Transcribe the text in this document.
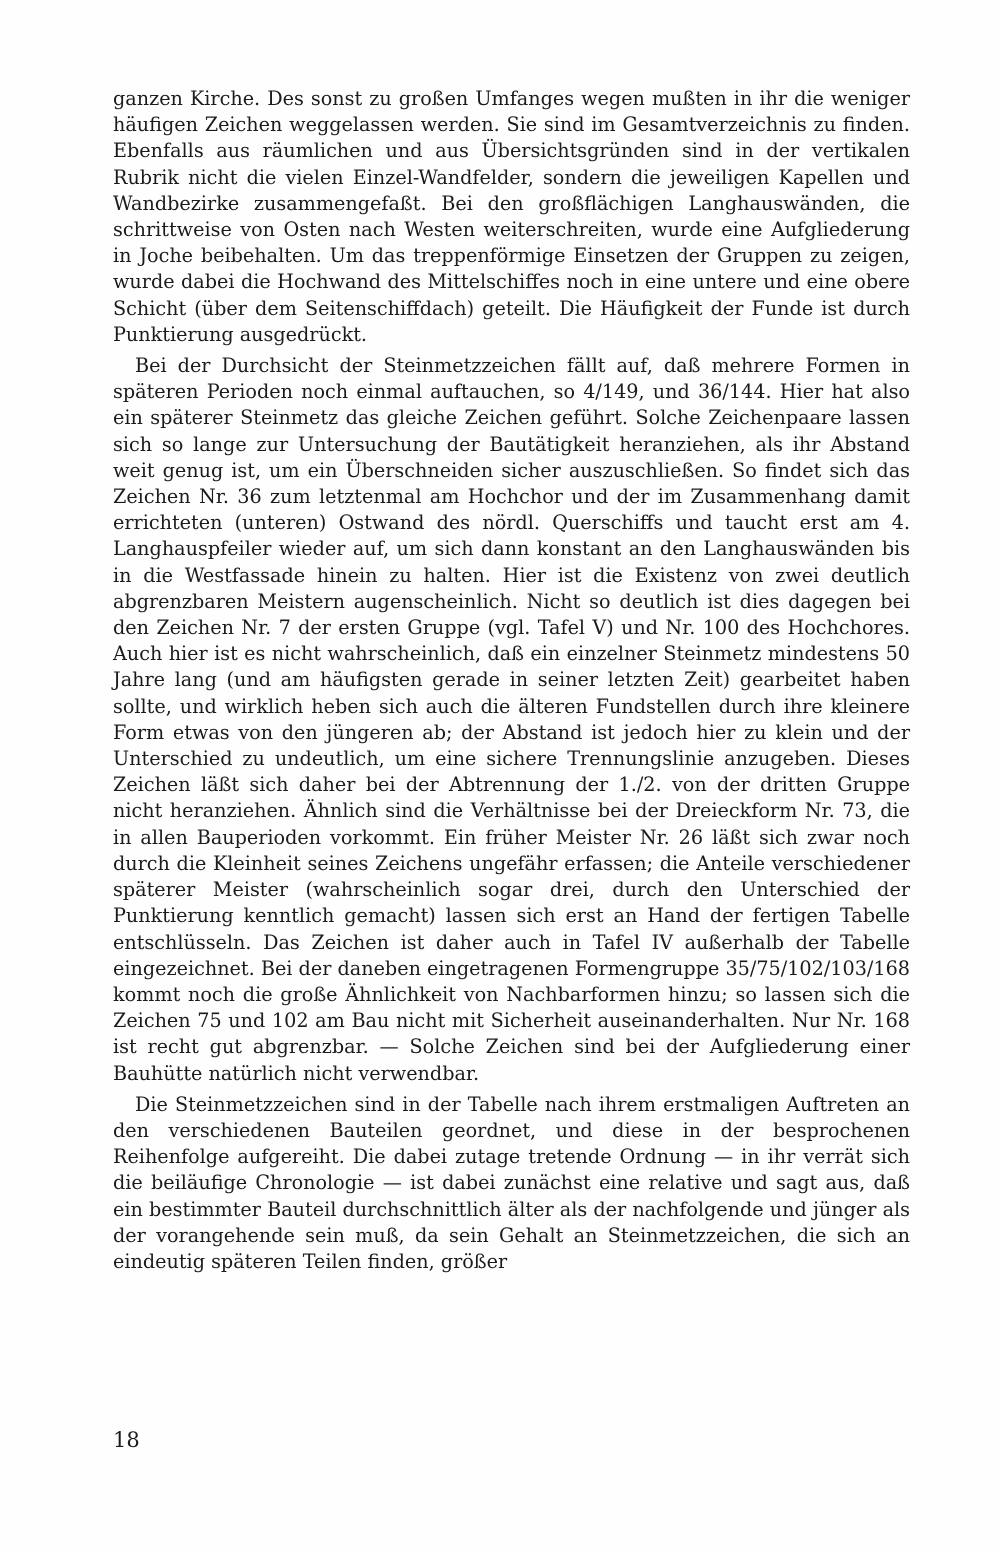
ganzen Kirche. Des sonst zu großen Umfanges wegen mußten in ihr die weniger häufigen Zeichen weggelassen werden. Sie sind im Gesamtverzeichnis zu finden. Ebenfalls aus räumlichen und aus Übersichtsgründen sind in der vertikalen Rubrik nicht die vielen Einzel-Wandfelder, sondern die jeweiligen Kapellen und Wandbezirke zusammengefaßt. Bei den großflächigen Langhauswänden, die schrittweise von Osten nach Westen weiterschreiten, wurde eine Aufgliederung in Joche beibehalten. Um das treppenförmige Einsetzen der Gruppen zu zeigen, wurde dabei die Hochwand des Mittelschiffes noch in eine untere und eine obere Schicht (über dem Seitenschiffdach) geteilt. Die Häufigkeit der Funde ist durch Punktierung ausgedrückt.

Bei der Durchsicht der Steinmetzzeichen fällt auf, daß mehrere Formen in späteren Perioden noch einmal auftauchen, so 4/149, und 36/144. Hier hat also ein späterer Steinmetz das gleiche Zeichen geführt. Solche Zeichenpaare lassen sich so lange zur Untersuchung der Bautätigkeit heranziehen, als ihr Abstand weit genug ist, um ein Überschneiden sicher auszuschließen. So findet sich das Zeichen Nr. 36 zum letztenmal am Hochchor und der im Zusammenhang damit errichteten (unteren) Ostwand des nördl. Querschiffs und taucht erst am 4. Langhauspfeiler wieder auf, um sich dann konstant an den Langhauswänden bis in die Westfassade hinein zu halten. Hier ist die Existenz von zwei deutlich abgrenzbaren Meistern augenscheinlich. Nicht so deutlich ist dies dagegen bei den Zeichen Nr. 7 der ersten Gruppe (vgl. Tafel V) und Nr. 100 des Hochchores. Auch hier ist es nicht wahrscheinlich, daß ein einzelner Steinmetz mindestens 50 Jahre lang (und am häufigsten gerade in seiner letzten Zeit) gearbeitet haben sollte, und wirklich heben sich auch die älteren Fundstellen durch ihre kleinere Form etwas von den jüngeren ab; der Abstand ist jedoch hier zu klein und der Unterschied zu undeutlich, um eine sichere Trennungslinie anzugeben. Dieses Zeichen läßt sich daher bei der Abtrennung der 1./2. von der dritten Gruppe nicht heranziehen. Ähnlich sind die Verhältnisse bei der Dreieckform Nr. 73, die in allen Bauperioden vorkommt. Ein früher Meister Nr. 26 läßt sich zwar noch durch die Kleinheit seines Zeichens ungefähr erfassen; die Anteile verschiedener späterer Meister (wahrscheinlich sogar drei, durch den Unterschied der Punktierung kenntlich gemacht) lassen sich erst an Hand der fertigen Tabelle entschlüsseln. Das Zeichen ist daher auch in Tafel IV außerhalb der Tabelle eingezeichnet. Bei der daneben eingetragenen Formengruppe 35/75/102/103/168 kommt noch die große Ähnlichkeit von Nachbarformen hinzu; so lassen sich die Zeichen 75 und 102 am Bau nicht mit Sicherheit auseinanderhalten. Nur Nr. 168 ist recht gut abgrenzbar. — Solche Zeichen sind bei der Aufgliederung einer Bauhütte natürlich nicht verwendbar.

Die Steinmetzzeichen sind in der Tabelle nach ihrem erstmaligen Auftreten an den verschiedenen Bauteilen geordnet, und diese in der besprochenen Reihenfolge aufgereiht. Die dabei zutage tretende Ordnung — in ihr verrät sich die beiläufige Chronologie — ist dabei zunächst eine relative und sagt aus, daß ein bestimmter Bauteil durchschnittlich älter als der nachfolgende und jünger als der vorangehende sein muß, da sein Gehalt an Steinmetzzeichen, die sich an eindeutig späteren Teilen finden, größer

18
